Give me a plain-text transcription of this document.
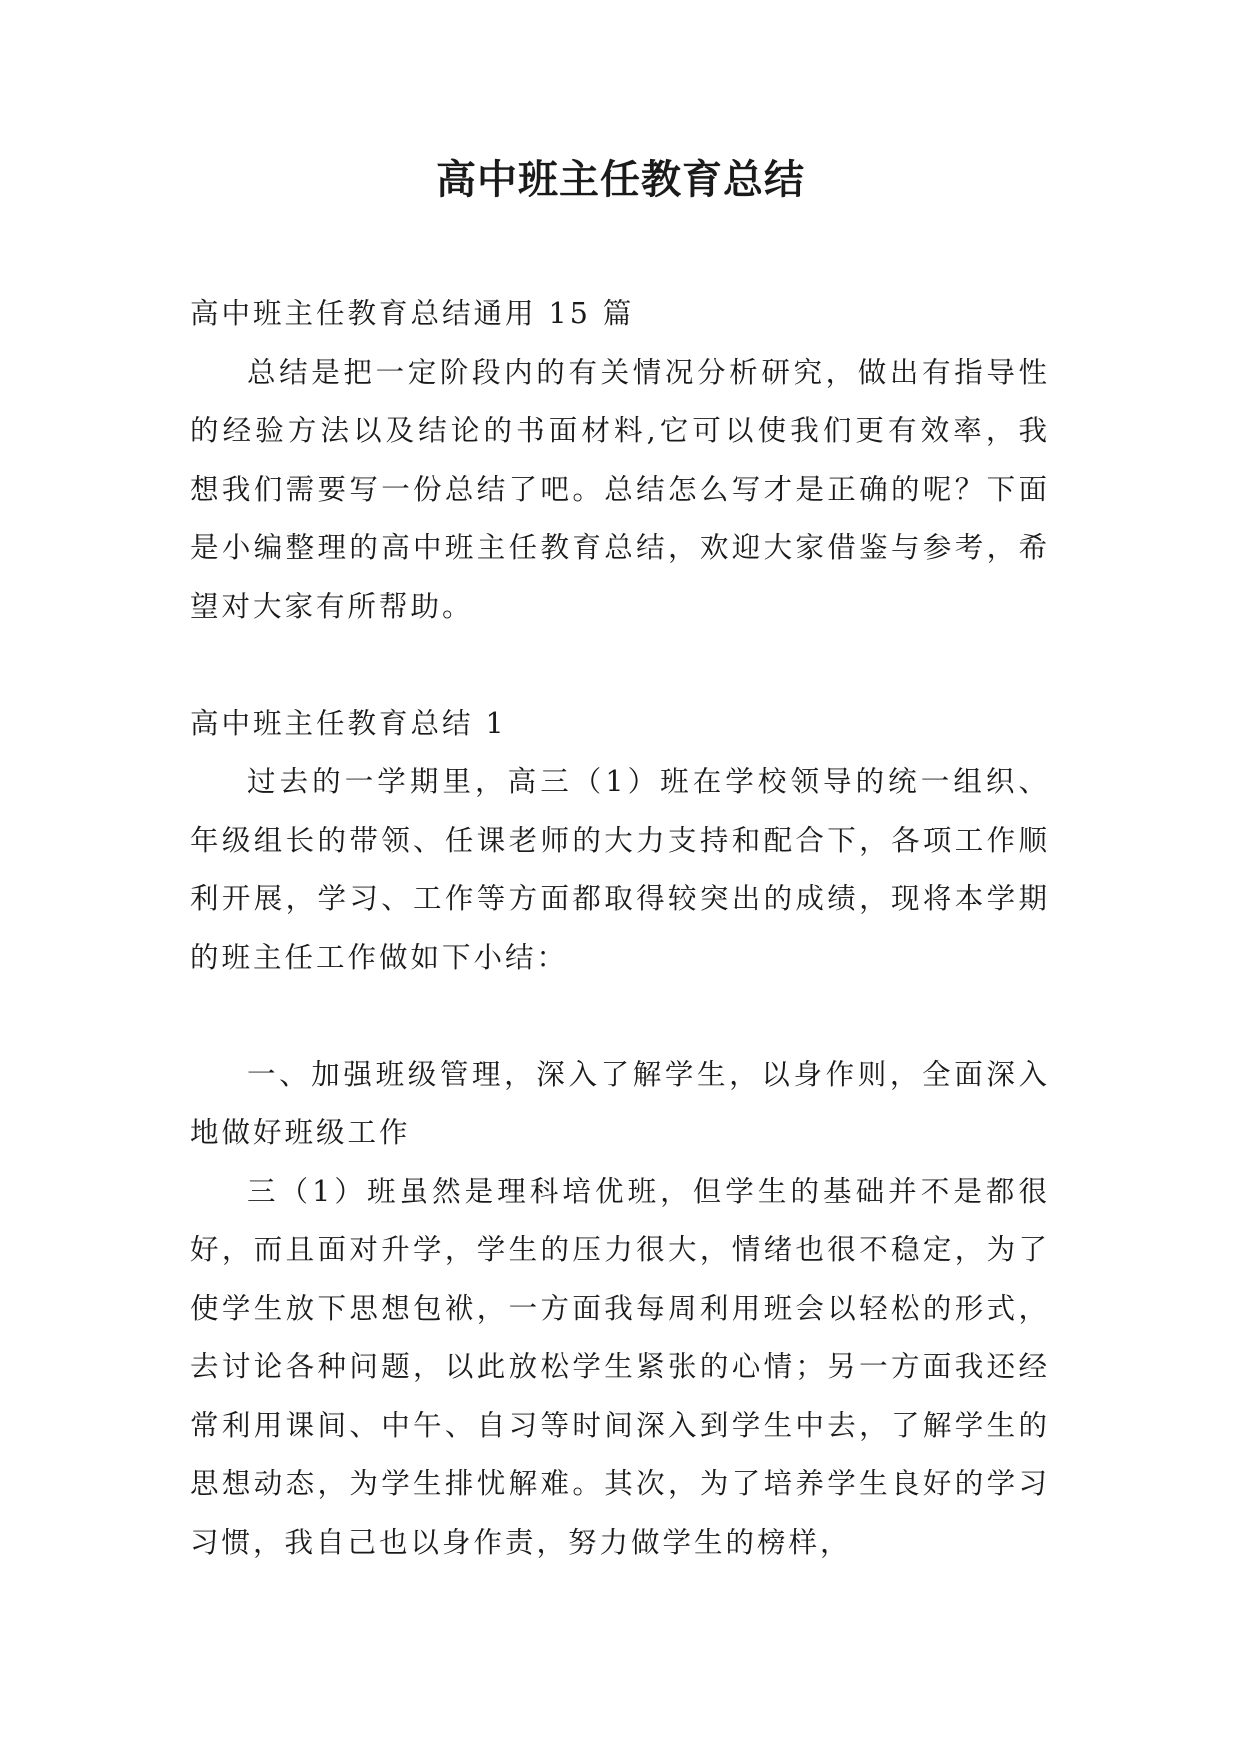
高中班主任教育总结

高中班主任教育总结通用 15 篇

总结是把一定阶段内的有关情况分析研究，做出有指导性的经验方法以及结论的书面材料,它可以使我们更有效率，我想我们需要写一份总结了吧。总结怎么写才是正确的呢？下面是小编整理的高中班主任教育总结，欢迎大家借鉴与参考，希望对大家有所帮助。

高中班主任教育总结 1

过去的一学期里，高三（1）班在学校领导的统一组织、年级组长的带领、任课老师的大力支持和配合下，各项工作顺利开展，学习、工作等方面都取得较突出的成绩，现将本学期的班主任工作做如下小结：

一、加强班级管理，深入了解学生，以身作则，全面深入地做好班级工作

三（1）班虽然是理科培优班，但学生的基础并不是都很好，而且面对升学，学生的压力很大，情绪也很不稳定，为了使学生放下思想包袱，一方面我每周利用班会以轻松的形式，去讨论各种问题，以此放松学生紧张的心情；另一方面我还经常利用课间、中午、自习等时间深入到学生中去，了解学生的思想动态，为学生排忧解难。其次，为了培养学生良好的学习习惯，我自己也以身作责，努力做学生的榜样，
